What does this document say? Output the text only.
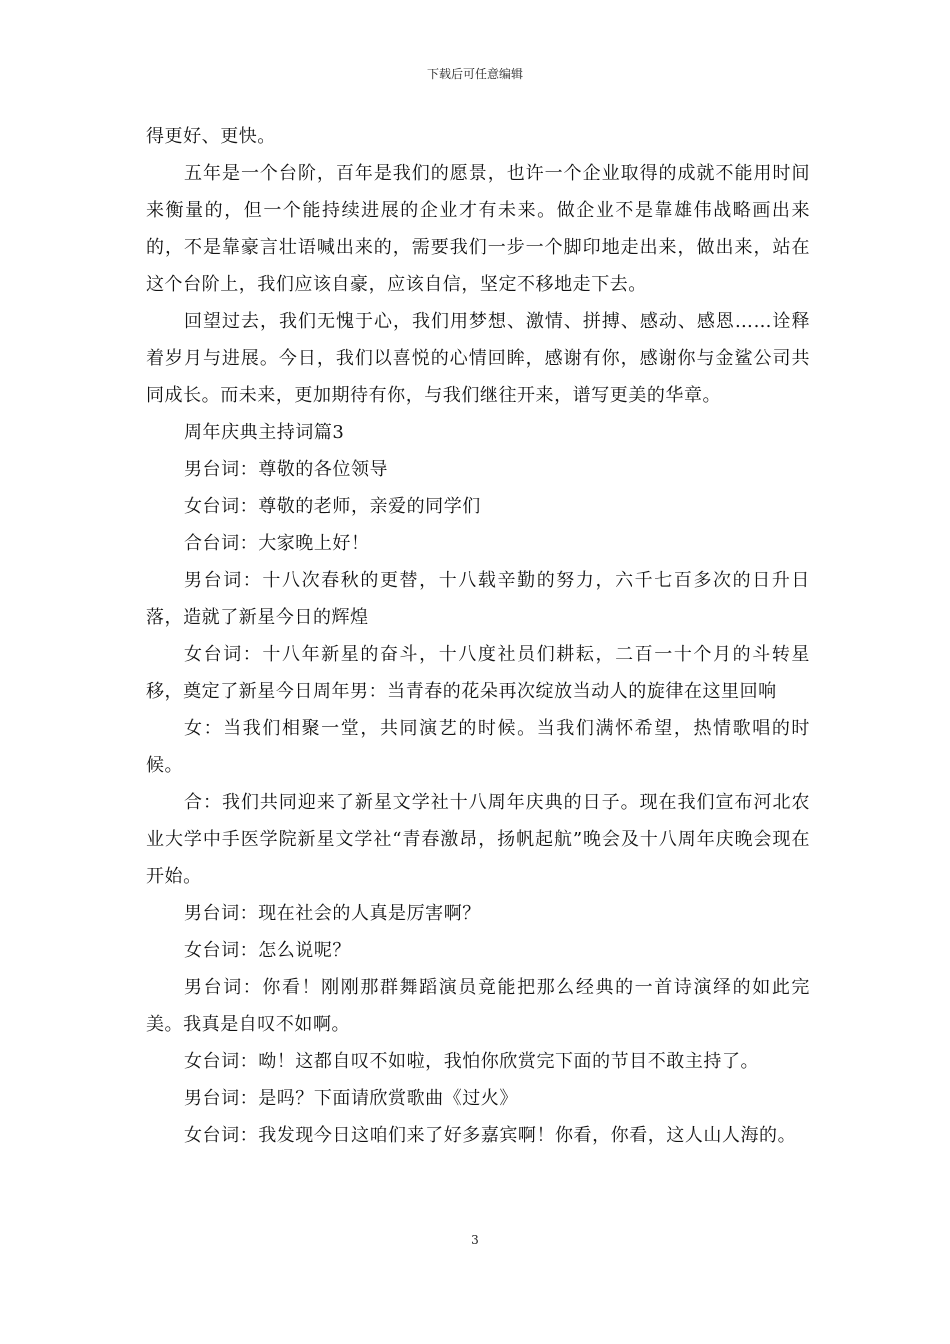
下载后可任意编辑

得更好、更快。

五年是一个台阶，百年是我们的愿景，也许一个企业取得的成就不能用时间来衡量的，但一个能持续进展的企业才有未来。做企业不是靠雄伟战略画出来的，不是靠豪言壮语喊出来的，需要我们一步一个脚印地走出来，做出来，站在这个台阶上，我们应该自豪，应该自信，坚定不移地走下去。

回望过去，我们无愧于心，我们用梦想、激情、拼搏、感动、感恩……诠释着岁月与进展。今日，我们以喜悦的心情回眸，感谢有你，感谢你与金鲨公司共同成长。而未来，更加期待有你，与我们继往开来，谱写更美的华章。

周年庆典主持词篇3

男台词：尊敬的各位领导

女台词：尊敬的老师，亲爱的同学们

合台词：大家晚上好！

男台词：十八次春秋的更替，十八载辛勤的努力，六千七百多次的日升日落，造就了新星今日的辉煌

女台词：十八年新星的奋斗，十八度社员们耕耘，二百一十个月的斗转星移，奠定了新星今日周年男：当青春的花朵再次绽放当动人的旋律在这里回响

女：当我们相聚一堂，共同演艺的时候。当我们满怀希望，热情歌唱的时候。

合：我们共同迎来了新星文学社十八周年庆典的日子。现在我们宣布河北农业大学中手医学院新星文学社“青春激昂，扬帆起航”晚会及十八周年庆晚会现在开始。

男台词：现在社会的人真是厉害啊？

女台词：怎么说呢？

男台词：你看！刚刚那群舞蹈演员竟能把那么经典的一首诗演绎的如此完美。我真是自叹不如啊。

女台词：呦！这都自叹不如啦，我怕你欣赏完下面的节目不敢主持了。

男台词：是吗？下面请欣赏歌曲《过火》

女台词：我发现今日这咱们来了好多嘉宾啊！你看，你看，这人山人海的。

3
